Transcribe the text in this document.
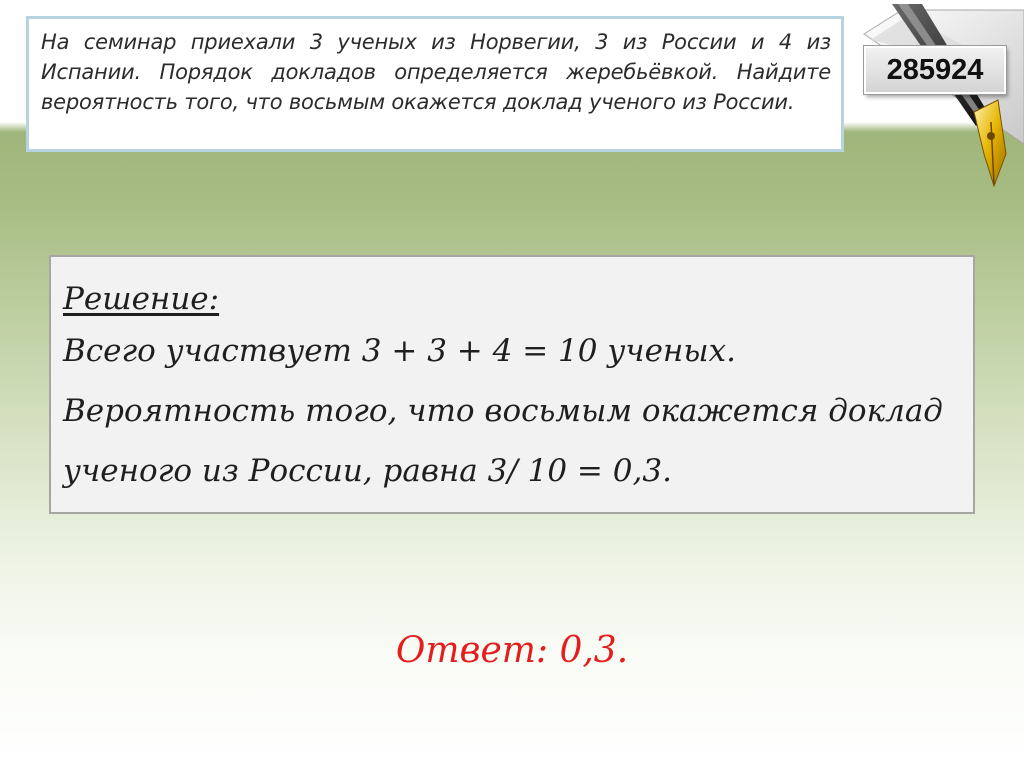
На семинар приехали 3 ученых из Норвегии, 3 из России и 4 из Испании. Порядок докладов определяется жеребьёвкой. Найдите вероятность того, что восьмым окажется доклад ученого из России.

285924

Решение:

Всего участвует 3 + 3 + 4 = 10 ученых.

Вероятность того, что восьмым окажется доклад

ученого из России, равна 3/ 10 = 0,3.

Ответ: 0,3.
